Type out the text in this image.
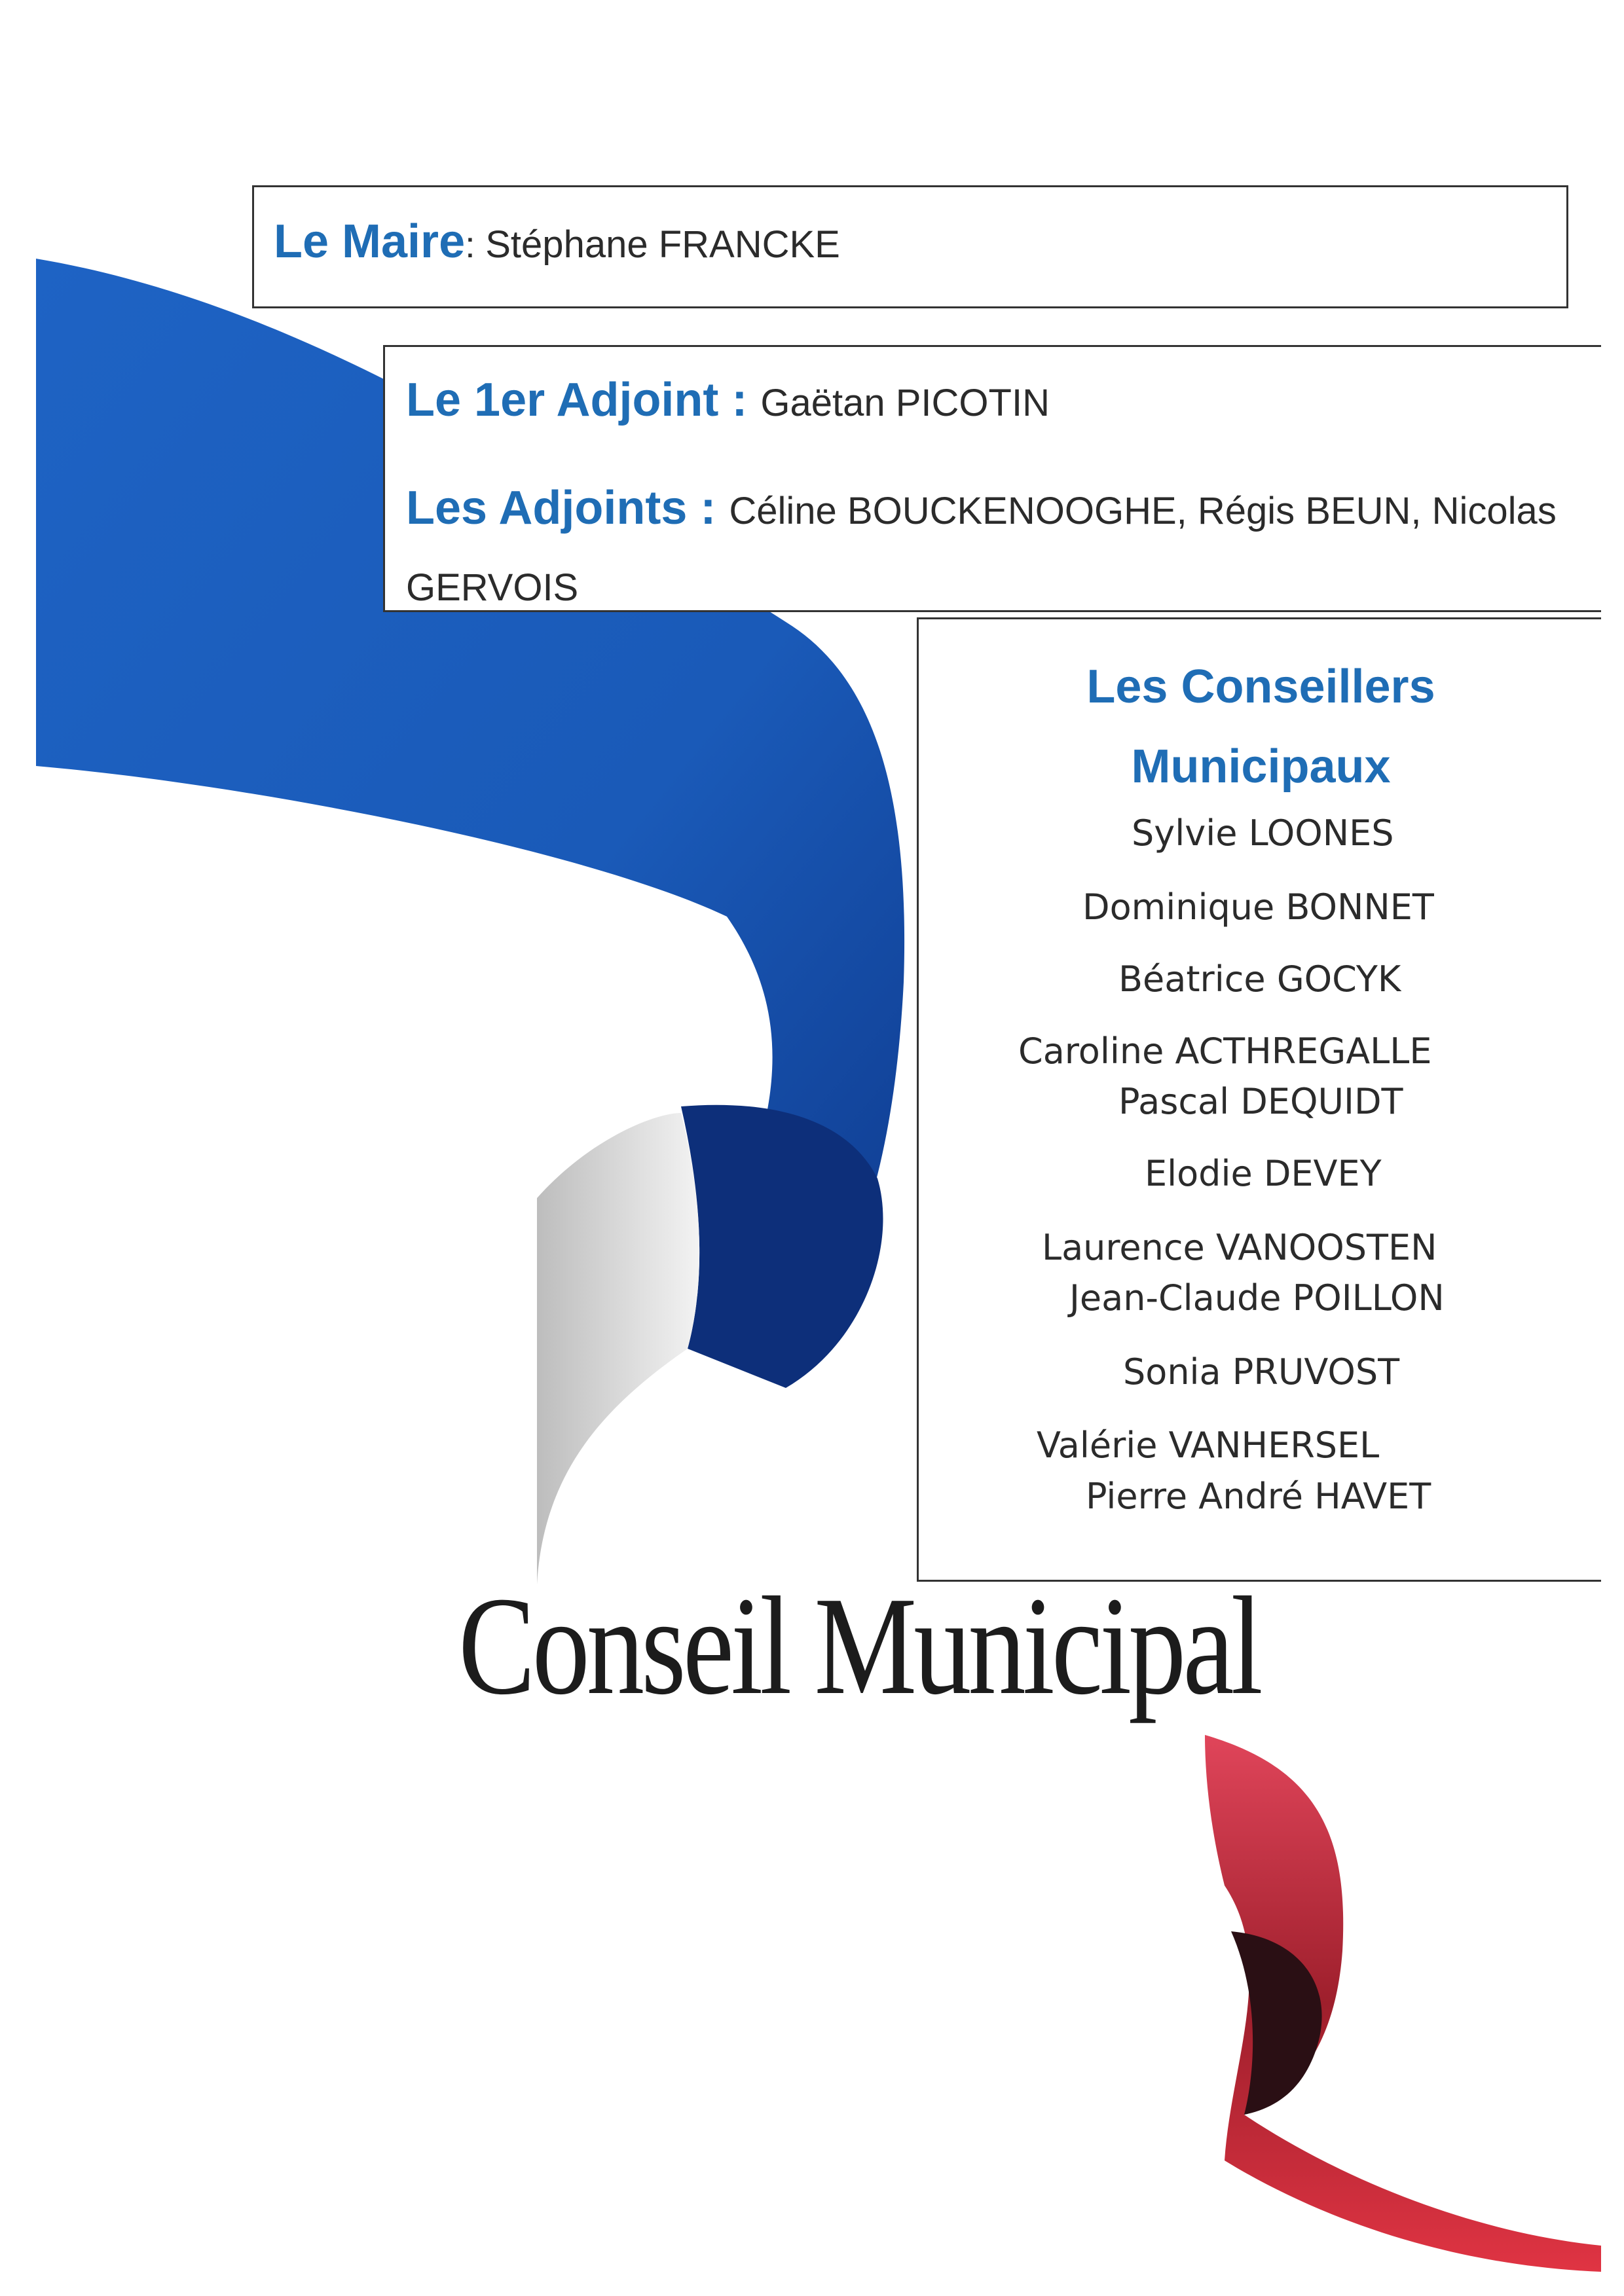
Le Maire: Stéphane FRANCKE
Le 1er Adjoint : Gaëtan PICOTIN
Les Adjoints : Céline BOUCKENOOGHE, Régis BEUN, Nicolas GERVOIS
Les Conseillers Municipaux
Sylvie LOONES
Dominique BONNET
Béatrice GOCYK
Caroline ACTHREGALLE
Pascal DEQUIDT
Elodie DEVEY
Laurence VANOOSTEN
Jean-Claude POILLON
Sonia PRUVOST
Valérie VANHERSEL
Pierre André HAVET
Conseil Municipal
